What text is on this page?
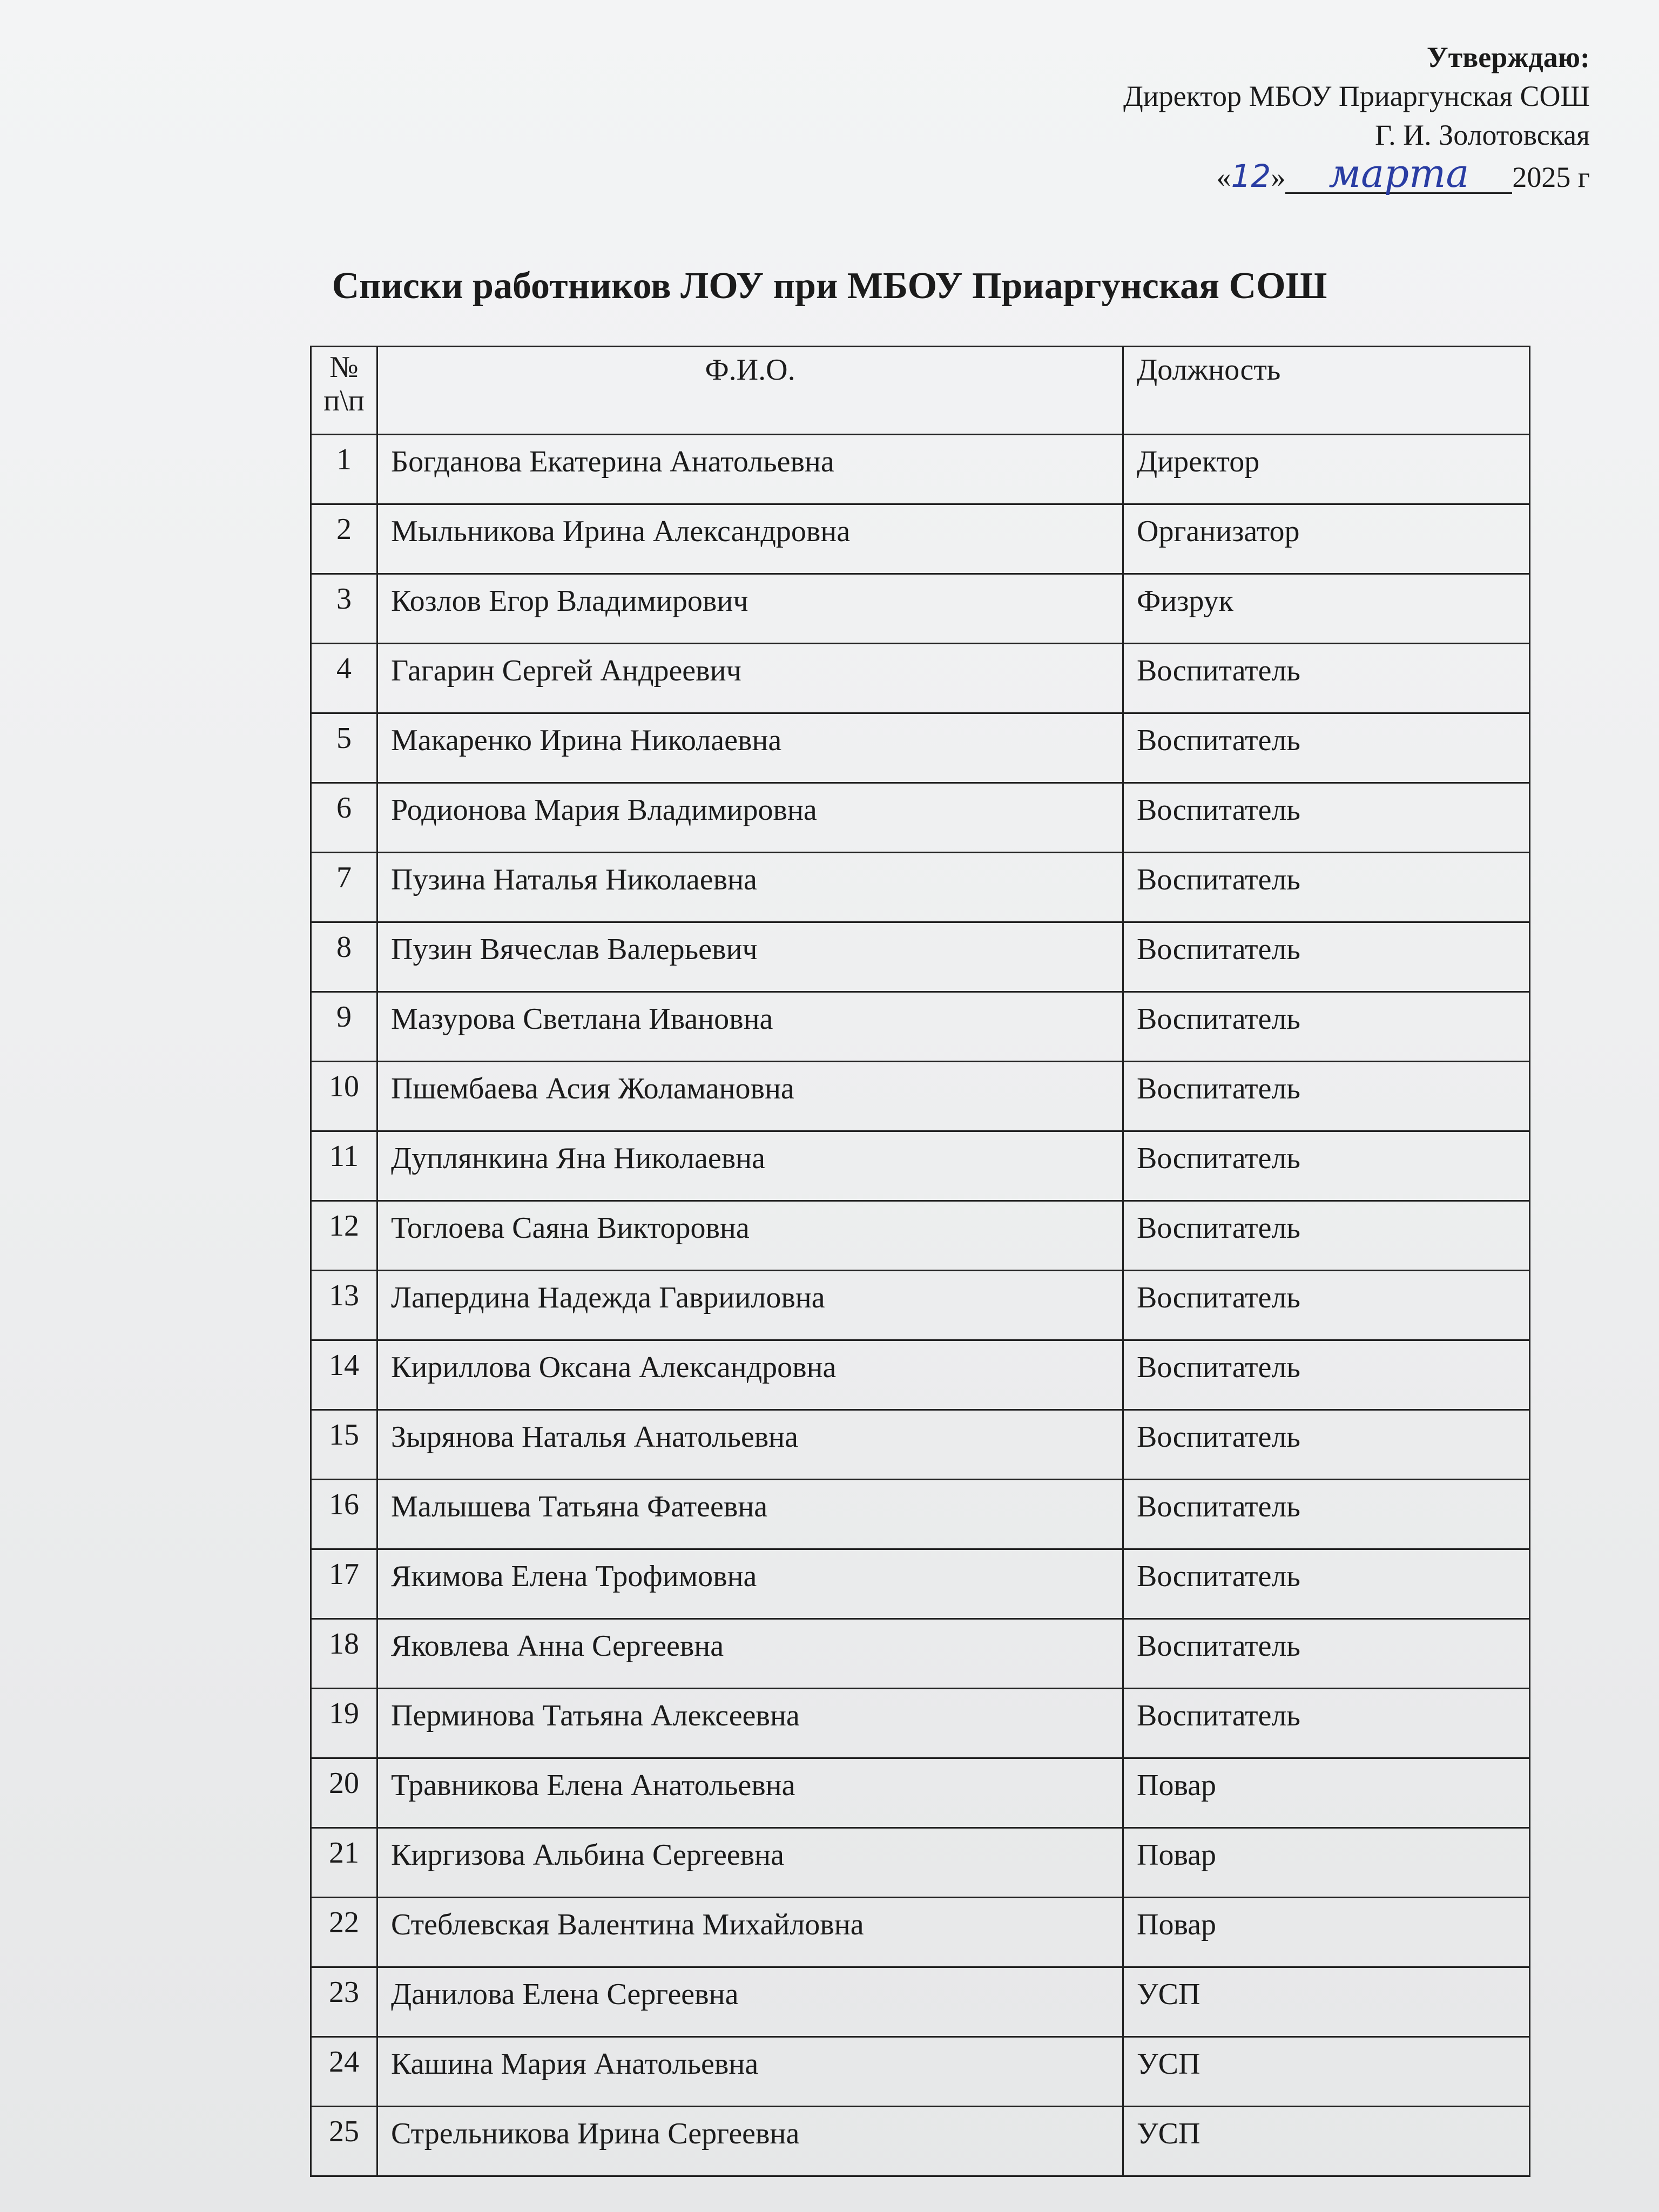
Утверждаю:
Директор МБОУ Приаргунская СОШ
Г. И. Золотовская
«12» марта 2025 г
Списки работников ЛОУ при МБОУ Приаргунская СОШ
№ п\п	Ф.И.О.	Должность
1	Богданова Екатерина Анатольевна	Директор
2	Мыльникова Ирина Александровна	Организатор
3	Козлов Егор Владимирович	Физрук
4	Гагарин Сергей Андреевич	Воспитатель
5	Макаренко Ирина Николаевна	Воспитатель
6	Родионова Мария Владимировна	Воспитатель
7	Пузина Наталья Николаевна	Воспитатель
8	Пузин Вячеслав Валерьевич	Воспитатель
9	Мазурова Светлана Ивановна	Воспитатель
10	Пшембаева Асия Жоламановна	Воспитатель
11	Дуплянкина Яна Николаевна	Воспитатель
12	Тоглоева Саяна Викторовна	Воспитатель
13	Лапердина Надежда Гаврииловна	Воспитатель
14	Кириллова Оксана Александровна	Воспитатель
15	Зырянова Наталья Анатольевна	Воспитатель
16	Малышева Татьяна Фатеевна	Воспитатель
17	Якимова Елена Трофимовна	Воспитатель
18	Яковлева Анна Сергеевна	Воспитатель
19	Перминова Татьяна Алексеевна	Воспитатель
20	Травникова Елена Анатольевна	Повар
21	Киргизова Альбина Сергеевна	Повар
22	Стеблевская Валентина Михайловна	Повар
23	Данилова Елена Сергеевна	УСП
24	Кашина Мария Анатольевна	УСП
25	Стрельникова Ирина Сергеевна	УСП
